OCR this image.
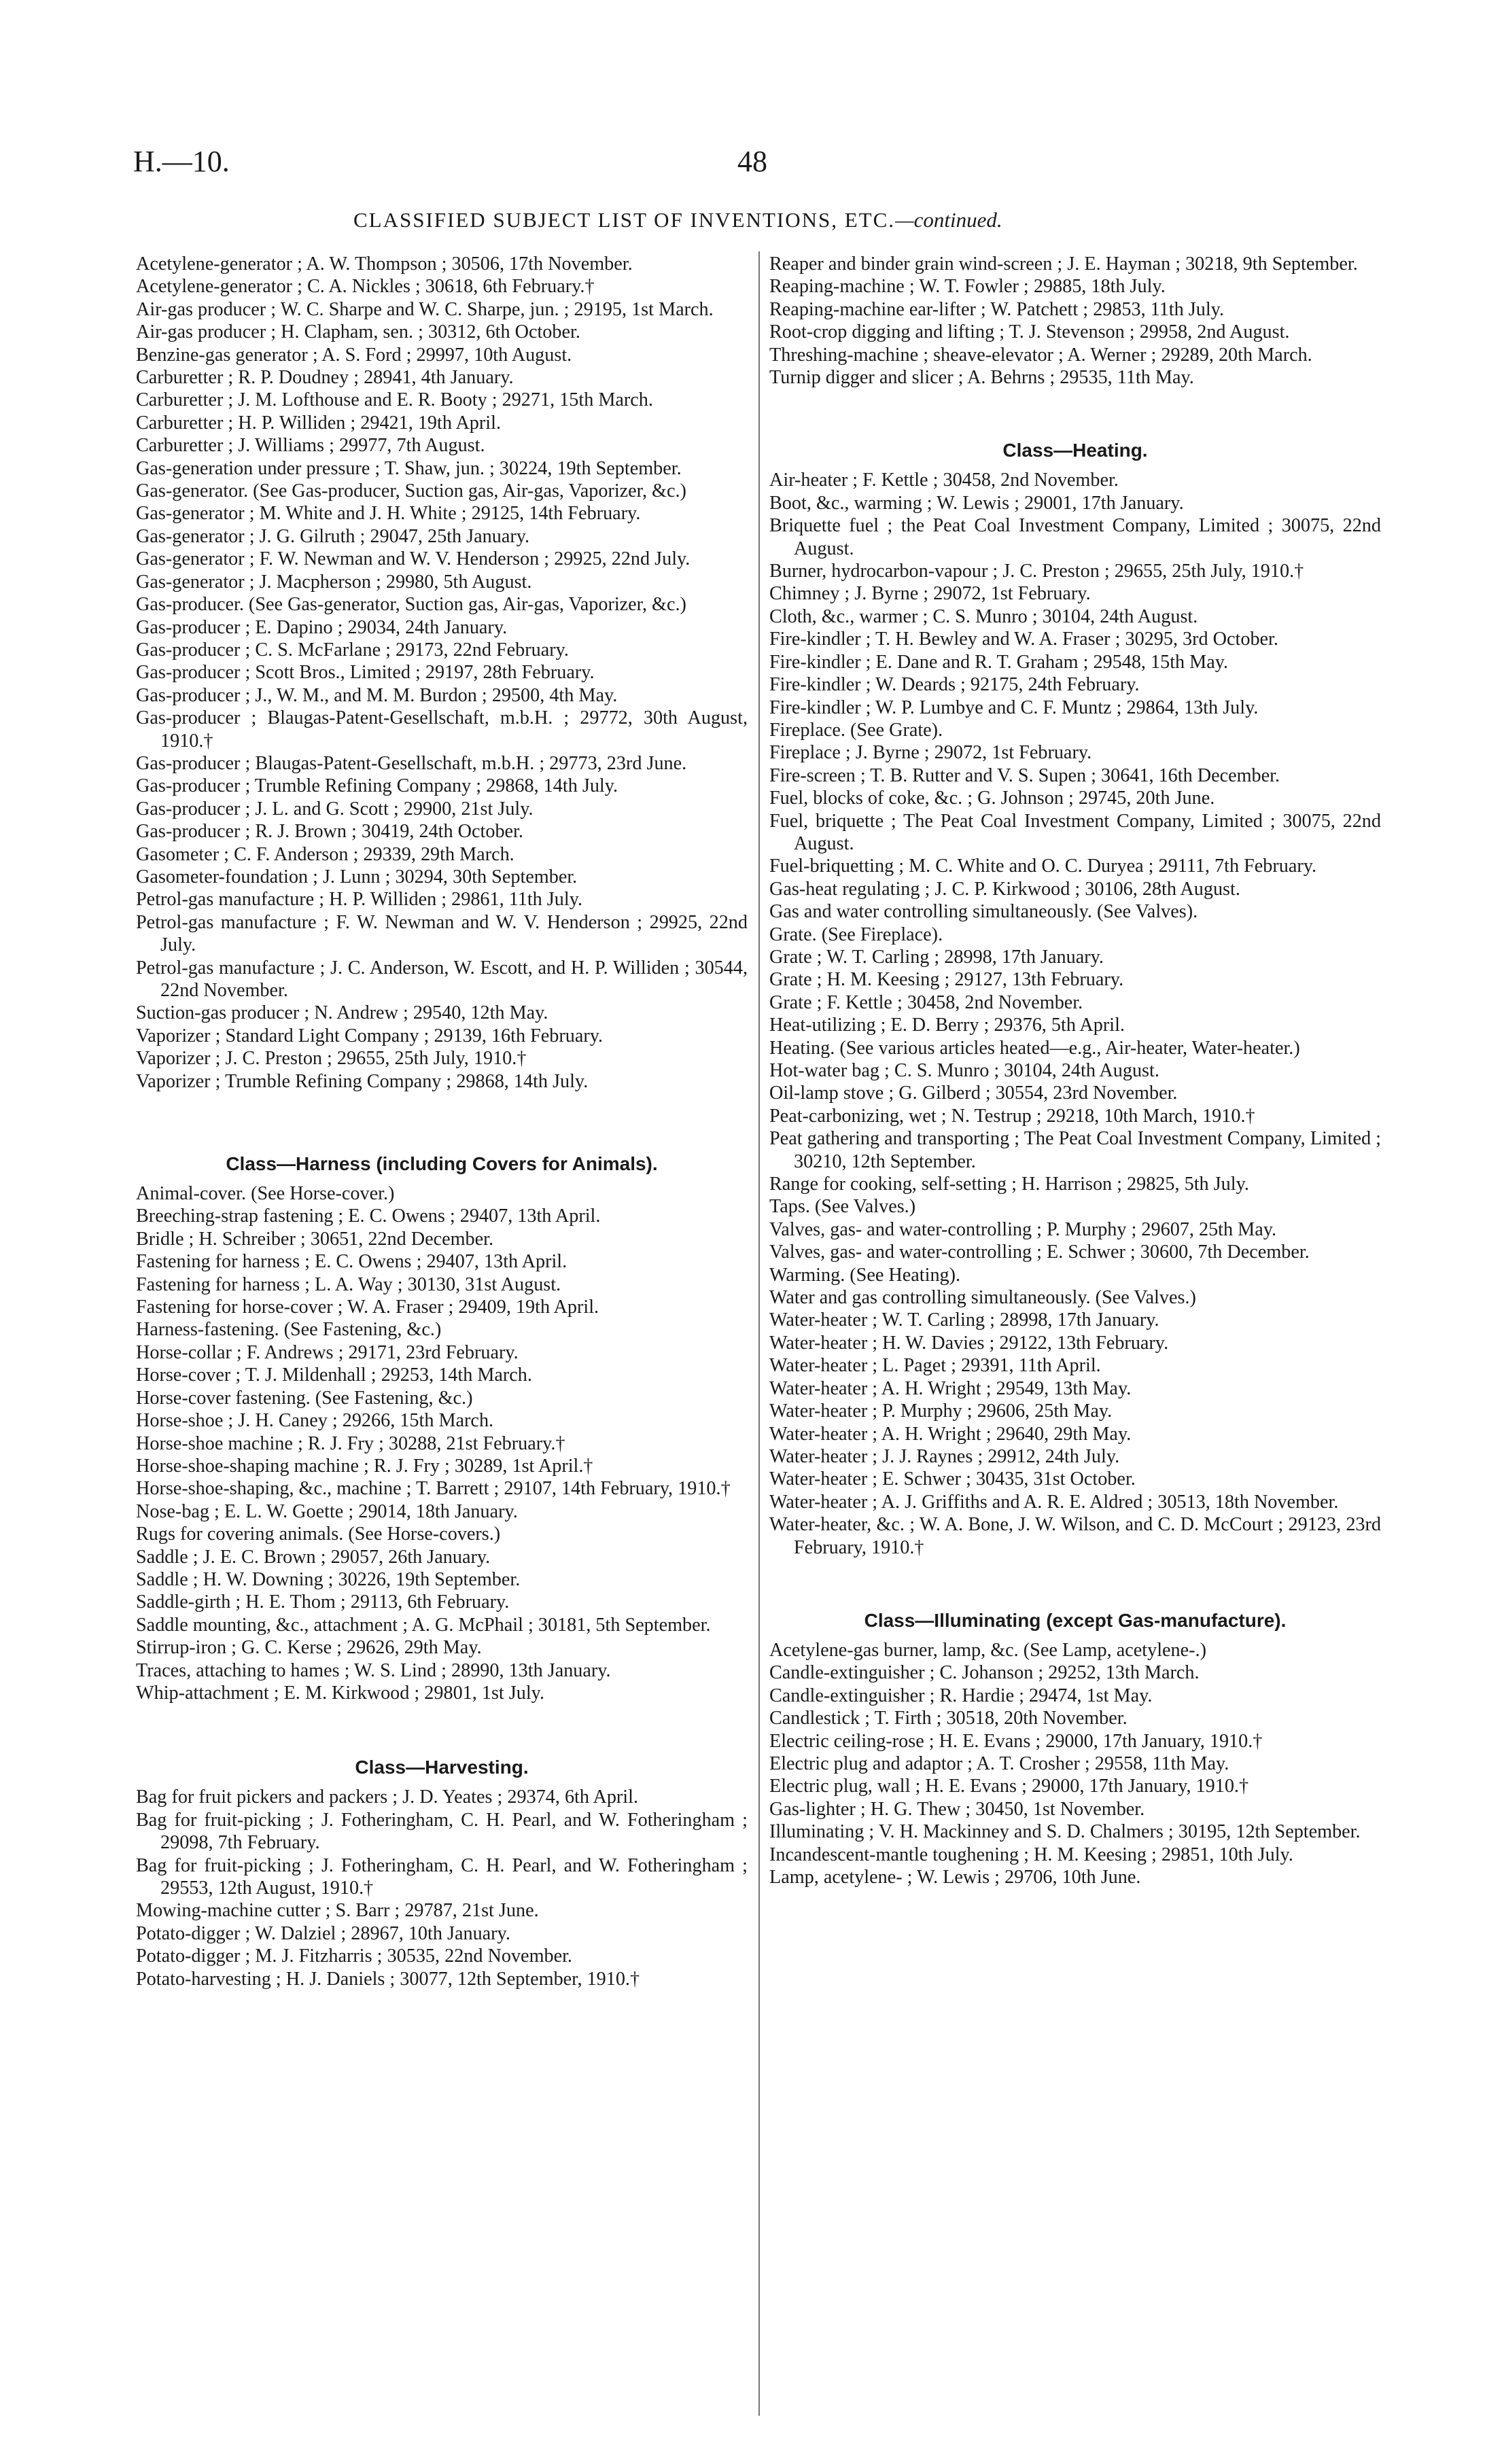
H.—10.	48
CLASSIFIED SUBJECT LIST OF INVENTIONS, ETC.—continued.

Acetylene-generator ; A. W. Thompson ; 30506, 17th November.

Acetylene-generator ; C. A. Nickles ; 30618, 6th February.†

Air-gas producer ; W. C. Sharpe and W. C. Sharpe, jun. ; 29195, 1st March.

Air-gas producer ; H. Clapham, sen. ; 30312, 6th October.

Benzine-gas generator ; A. S. Ford ; 29997, 10th August.

Carburetter ; R. P. Doudney ; 28941, 4th January.

Carburetter ; J. M. Lofthouse and E. R. Booty ; 29271, 15th March.

Carburetter ; H. P. Williden ; 29421, 19th April.

Carburetter ; J. Williams ; 29977, 7th August.

Gas-generation under pressure ; T. Shaw, jun. ; 30224, 19th September.

Gas-generator. (See Gas-producer, Suction gas, Air-gas, Vaporizer, &c.)

Gas-generator ; M. White and J. H. White ; 29125, 14th February.

Gas-generator ; J. G. Gilruth ; 29047, 25th January.

Gas-generator ; F. W. Newman and W. V. Henderson ; 29925, 22nd July.

Gas-generator ; J. Macpherson ; 29980, 5th August.

Gas-producer. (See Gas-generator, Suction gas, Air-gas, Vaporizer, &c.)

Gas-producer ; E. Dapino ; 29034, 24th January.

Gas-producer ; C. S. McFarlane ; 29173, 22nd February.

Gas-producer ; Scott Bros., Limited ; 29197, 28th February.

Gas-producer ; J., W. M., and M. M. Burdon ; 29500, 4th May.

Gas-producer ; Blaugas-Patent-Gesellschaft, m.b.H. ; 29772, 30th August, 1910.†

Gas-producer ; Blaugas-Patent-Gesellschaft, m.b.H. ; 29773, 23rd June.

Gas-producer ; Trumble Refining Company ; 29868, 14th July.

Gas-producer ; J. L. and G. Scott ; 29900, 21st July.

Gas-producer ; R. J. Brown ; 30419, 24th October.

Gasometer ; C. F. Anderson ; 29339, 29th March.

Gasometer-foundation ; J. Lunn ; 30294, 30th September.

Petrol-gas manufacture ; H. P. Williden ; 29861, 11th July.

Petrol-gas manufacture ; F. W. Newman and W. V. Henderson ; 29925, 22nd July.

Petrol-gas manufacture ; J. C. Anderson, W. Escott, and H. P. Williden ; 30544, 22nd November.

Suction-gas producer ; N. Andrew ; 29540, 12th May.

Vaporizer ; Standard Light Company ; 29139, 16th February.

Vaporizer ; J. C. Preston ; 29655, 25th July, 1910.†

Vaporizer ; Trumble Refining Company ; 29868, 14th July.

Class—Harness (including Covers for Animals).

Animal-cover. (See Horse-cover.)

Breeching-strap fastening ; E. C. Owens ; 29407, 13th April.

Bridle ; H. Schreiber ; 30651, 22nd December.

Fastening for harness ; E. C. Owens ; 29407, 13th April.

Fastening for harness ; L. A. Way ; 30130, 31st August.

Fastening for horse-cover ; W. A. Fraser ; 29409, 19th April.

Harness-fastening. (See Fastening, &c.)

Horse-collar ; F. Andrews ; 29171, 23rd February.

Horse-cover ; T. J. Mildenhall ; 29253, 14th March.

Horse-cover fastening. (See Fastening, &c.)

Horse-shoe ; J. H. Caney ; 29266, 15th March.

Horse-shoe machine ; R. J. Fry ; 30288, 21st February.†

Horse-shoe-shaping machine ; R. J. Fry ; 30289, 1st April.†

Horse-shoe-shaping, &c., machine ; T. Barrett ; 29107, 14th February, 1910.†

Nose-bag ; E. L. W. Goette ; 29014, 18th January.

Rugs for covering animals. (See Horse-covers.)

Saddle ; J. E. C. Brown ; 29057, 26th January.

Saddle ; H. W. Downing ; 30226, 19th September.

Saddle-girth ; H. E. Thom ; 29113, 6th February.

Saddle mounting, &c., attachment ; A. G. McPhail ; 30181, 5th September.

Stirrup-iron ; G. C. Kerse ; 29626, 29th May.

Traces, attaching to hames ; W. S. Lind ; 28990, 13th January.

Whip-attachment ; E. M. Kirkwood ; 29801, 1st July.

Class—Harvesting.

Bag for fruit pickers and packers ; J. D. Yeates ; 29374, 6th April.

Bag for fruit-picking ; J. Fotheringham, C. H. Pearl, and W. Fotheringham ; 29098, 7th February.

Bag for fruit-picking ; J. Fotheringham, C. H. Pearl, and W. Fotheringham ; 29553, 12th August, 1910.†

Mowing-machine cutter ; S. Barr ; 29787, 21st June.

Potato-digger ; W. Dalziel ; 28967, 10th January.

Potato-digger ; M. J. Fitzharris ; 30535, 22nd November.

Potato-harvesting ; H. J. Daniels ; 30077, 12th September, 1910.†

Reaper and binder grain wind-screen ; J. E. Hayman ; 30218, 9th September.

Reaping-machine ; W. T. Fowler ; 29885, 18th July.

Reaping-machine ear-lifter ; W. Patchett ; 29853, 11th July.

Root-crop digging and lifting ; T. J. Stevenson ; 29958, 2nd August.

Threshing-machine ; sheave-elevator ; A. Werner ; 29289, 20th March.

Turnip digger and slicer ; A. Behrns ; 29535, 11th May.

Class—Heating.

Air-heater ; F. Kettle ; 30458, 2nd November.

Boot, &c., warming ; W. Lewis ; 29001, 17th January.

Briquette fuel ; the Peat Coal Investment Company, Limited ; 30075, 22nd August.

Burner, hydrocarbon-vapour ; J. C. Preston ; 29655, 25th July, 1910.†

Chimney ; J. Byrne ; 29072, 1st February.

Cloth, &c., warmer ; C. S. Munro ; 30104, 24th August.

Fire-kindler ; T. H. Bewley and W. A. Fraser ; 30295, 3rd October.

Fire-kindler ; E. Dane and R. T. Graham ; 29548, 15th May.

Fire-kindler ; W. Deards ; 92175, 24th February.

Fire-kindler ; W. P. Lumbye and C. F. Muntz ; 29864, 13th July.

Fireplace. (See Grate).

Fireplace ; J. Byrne ; 29072, 1st February.

Fire-screen ; T. B. Rutter and V. S. Supen ; 30641, 16th December.

Fuel, blocks of coke, &c. ; G. Johnson ; 29745, 20th June.

Fuel, briquette ; The Peat Coal Investment Company, Limited ; 30075, 22nd August.

Fuel-briquetting ; M. C. White and O. C. Duryea ; 29111, 7th February.

Gas-heat regulating ; J. C. P. Kirkwood ; 30106, 28th August.

Gas and water controlling simultaneously. (See Valves).

Grate. (See Fireplace).

Grate ; W. T. Carling ; 28998, 17th January.

Grate ; H. M. Keesing ; 29127, 13th February.

Grate ; F. Kettle ; 30458, 2nd November.

Heat-utilizing ; E. D. Berry ; 29376, 5th April.

Heating. (See various articles heated—e.g., Air-heater, Water-heater.)

Hot-water bag ; C. S. Munro ; 30104, 24th August.

Oil-lamp stove ; G. Gilberd ; 30554, 23rd November.

Peat-carbonizing, wet ; N. Testrup ; 29218, 10th March, 1910.†

Peat gathering and transporting ; The Peat Coal Investment Company, Limited ; 30210, 12th September.

Range for cooking, self-setting ; H. Harrison ; 29825, 5th July.

Taps. (See Valves.)

Valves, gas- and water-controlling ; P. Murphy ; 29607, 25th May.

Valves, gas- and water-controlling ; E. Schwer ; 30600, 7th December.

Warming. (See Heating).

Water and gas controlling simultaneously. (See Valves.)

Water-heater ; W. T. Carling ; 28998, 17th January.

Water-heater ; H. W. Davies ; 29122, 13th February.

Water-heater ; L. Paget ; 29391, 11th April.

Water-heater ; A. H. Wright ; 29549, 13th May.

Water-heater ; P. Murphy ; 29606, 25th May.

Water-heater ; A. H. Wright ; 29640, 29th May.

Water-heater ; J. J. Raynes ; 29912, 24th July.

Water-heater ; E. Schwer ; 30435, 31st October.

Water-heater ; A. J. Griffiths and A. R. E. Aldred ; 30513, 18th November.

Water-heater, &c. ; W. A. Bone, J. W. Wilson, and C. D. McCourt ; 29123, 23rd February, 1910.†

Class—Illuminating (except Gas-manufacture).

Acetylene-gas burner, lamp, &c. (See Lamp, acetylene-.)

Candle-extinguisher ; C. Johanson ; 29252, 13th March.

Candle-extinguisher ; R. Hardie ; 29474, 1st May.

Candlestick ; T. Firth ; 30518, 20th November.

Electric ceiling-rose ; H. E. Evans ; 29000, 17th January, 1910.†

Electric plug and adaptor ; A. T. Crosher ; 29558, 11th May.

Electric plug, wall ; H. E. Evans ; 29000, 17th January, 1910.†

Gas-lighter ; H. G. Thew ; 30450, 1st November.

Illuminating ; V. H. Mackinney and S. D. Chalmers ; 30195, 12th September.

Incandescent-mantle toughening ; H. M. Keesing ; 29851, 10th July.

Lamp, acetylene- ; W. Lewis ; 29706, 10th June.
